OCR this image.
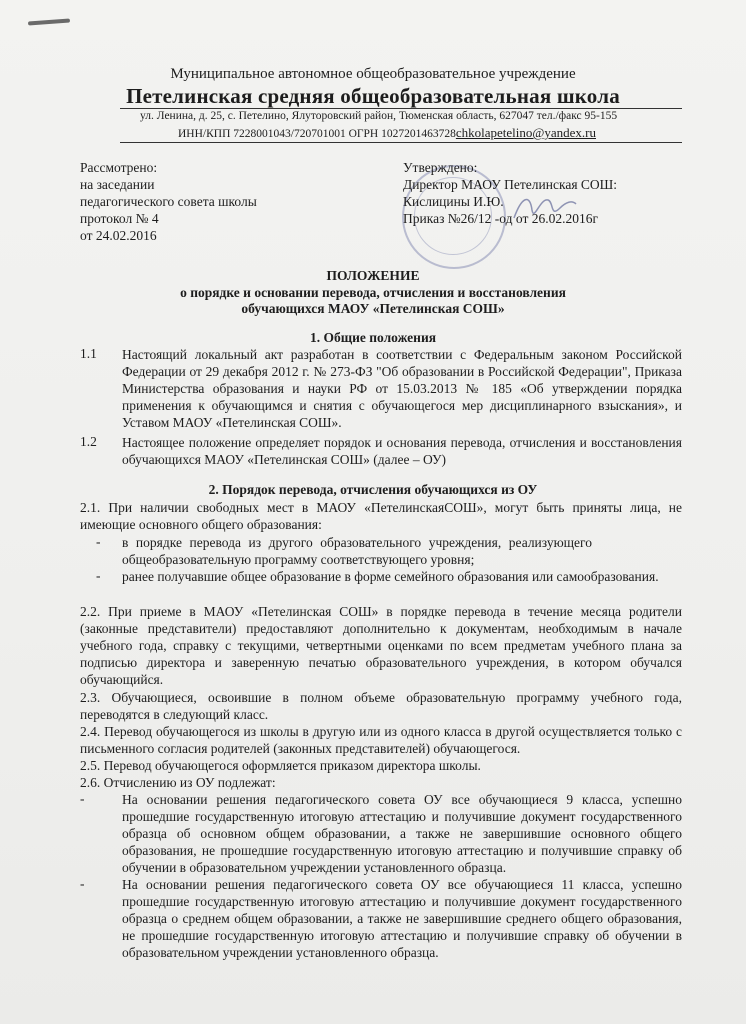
Муниципальное автономное общеобразовательное учреждение
Петелинская средняя общеобразовательная школа
ул. Ленина, д. 25, с. Петелино, Ялуторовский район, Тюменская область, 627047 тел./факс 95-155
ИНН/КПП 7228001043/720701001 ОГРН 1027201463728chkolapetelino@yandex.ru
Рассмотрено:
на заседании
педагогического совета школы
протокол № 4
от 24.02.2016
Утверждено:
Директор МАОУ Петелинская СОШ:
Кислицины И.Ю.
Приказ №26/12 -од от 26.02.2016г
ПОЛОЖЕНИЕ
о порядке и основании перевода, отчисления и восстановления
обучающихся МАОУ «Петелинская СОШ»
1. Общие положения
1.1 Настоящий локальный акт разработан в соответствии с Федеральным законом Российской Федерации от 29 декабря 2012 г. № 273-ФЗ "Об образовании в Российской Федерации", Приказа Министерства образования и науки РФ от 15.03.2013 № 185 «Об утверждении порядка применения к обучающимся и снятия с обучающегося мер дисциплинарного взыскания», и Уставом МАОУ «Петелинская СОШ».
1.2 Настоящее положение определяет порядок и основания перевода, отчисления и восстановления обучающихся МАОУ «Петелинская СОШ» (далее – ОУ)
2. Порядок перевода, отчисления обучающихся из ОУ
2.1. При наличии свободных мест в МАОУ «ПетелинскаяСОШ», могут быть приняты лица, не имеющие основного общего образования:
- в порядке перевода из другого образовательного учреждения, реализующего общеобразовательную программу соответствующего уровня;
- ранее получавшие общее образование в форме семейного образования или самообразования.
2.2. При приеме в МАОУ «Петелинская СОШ» в порядке перевода в течение месяца родители (законные представители) предоставляют дополнительно к документам, необходимым в начале учебного года, справку с текущими, четвертными оценками по всем предметам учебного плана за подписью директора и заверенную печатью образовательного учреждения, в котором обучался обучающийся.
2.3. Обучающиеся, освоившие в полном объеме образовательную программу учебного года, переводятся в следующий класс.
2.4. Перевод обучающегося из школы в другую или из одного класса в другой осуществляется только с письменного согласия родителей (законных представителей) обучающегося.
2.5. Перевод обучающегося оформляется приказом директора школы.
2.6. Отчислению из ОУ подлежат:
-	На основании решения педагогического совета ОУ все обучающиеся 9 класса, успешно прошедшие государственную итоговую аттестацию и получившие документ государственного образца об основном общем образовании, а также не завершившие основного общего образования, не прошедшие государственную итоговую аттестацию и получившие справку об обучении в образовательном учреждении установленного образца.
-	На основании решения педагогического совета ОУ все обучающиеся 11 класса, успешно прошедшие государственную итоговую аттестацию и получившие документ государственного образца о среднем общем образовании, а также не завершившие среднего общего образования, не прошедшие государственную итоговую аттестацию и получившие справку об обучении в образовательном учреждении установленного образца.
